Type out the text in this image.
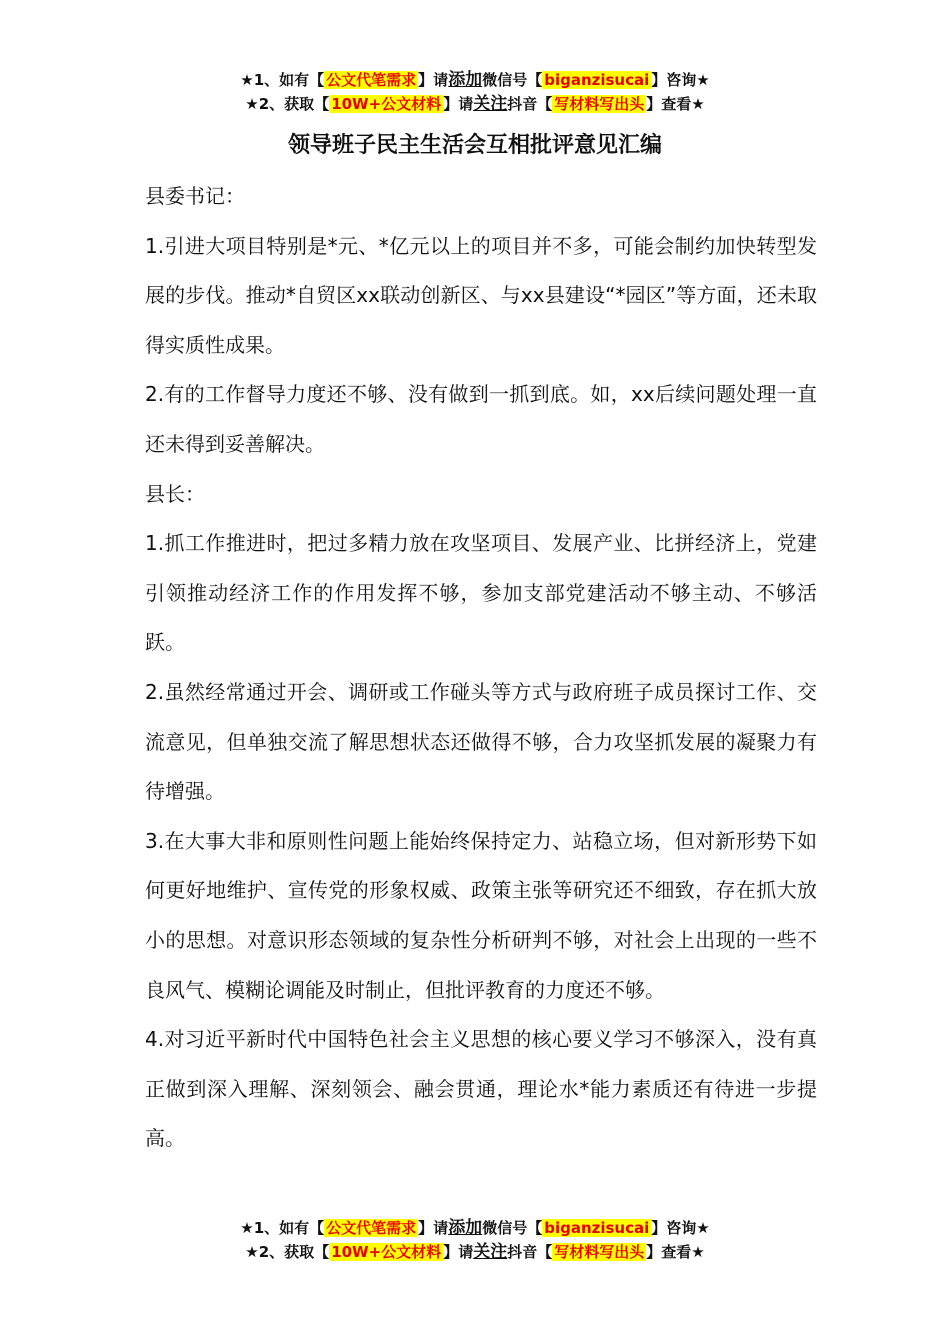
★1、如有【 公文代笔需求 】请添加微信号【 biganzisucai 】咨询★
★2、获取【 10W+公文材料 】请关注抖音【 写材料写出头 】查看★
领导班子民主生活会互相批评意见汇编

县委书记：

1.引进大项目特别是*元、*亿元以上的项目并不多，可能会制约加快转型发展的步伐。推动*自贸区xx联动创新区、与xx县建设“*园区”等方面，还未取得实质性成果。

2.有的工作督导力度还不够、没有做到一抓到底。如，xx后续问题处理一直还未得到妥善解决。

县长：

1.抓工作推进时，把过多精力放在攻坚项目、发展产业、比拼经济上，党建引领推动经济工作的作用发挥不够，参加支部党建活动不够主动、不够活跃。

2.虽然经常通过开会、调研或工作碰头等方式与政府班子成员探讨工作、交流意见，但单独交流了解思想状态还做得不够，合力攻坚抓发展的凝聚力有待增强。

3.在大事大非和原则性问题上能始终保持定力、站稳立场，但对新形势下如何更好地维护、宣传党的形象权威、政策主张等研究还不细致，存在抓大放小的思想。对意识形态领域的复杂性分析研判不够，对社会上出现的一些不良风气、模糊论调能及时制止，但批评教育的力度还不够。

4.对习近平新时代中国特色社会主义思想的核心要义学习不够深入，没有真正做到深入理解、深刻领会、融会贯通，理论水*能力素质还有待进一步提高。

★1、如有【 公文代笔需求 】请添加微信号【 biganzisucai 】咨询★
★2、获取【 10W+公文材料 】请关注抖音【 写材料写出头 】查看★
